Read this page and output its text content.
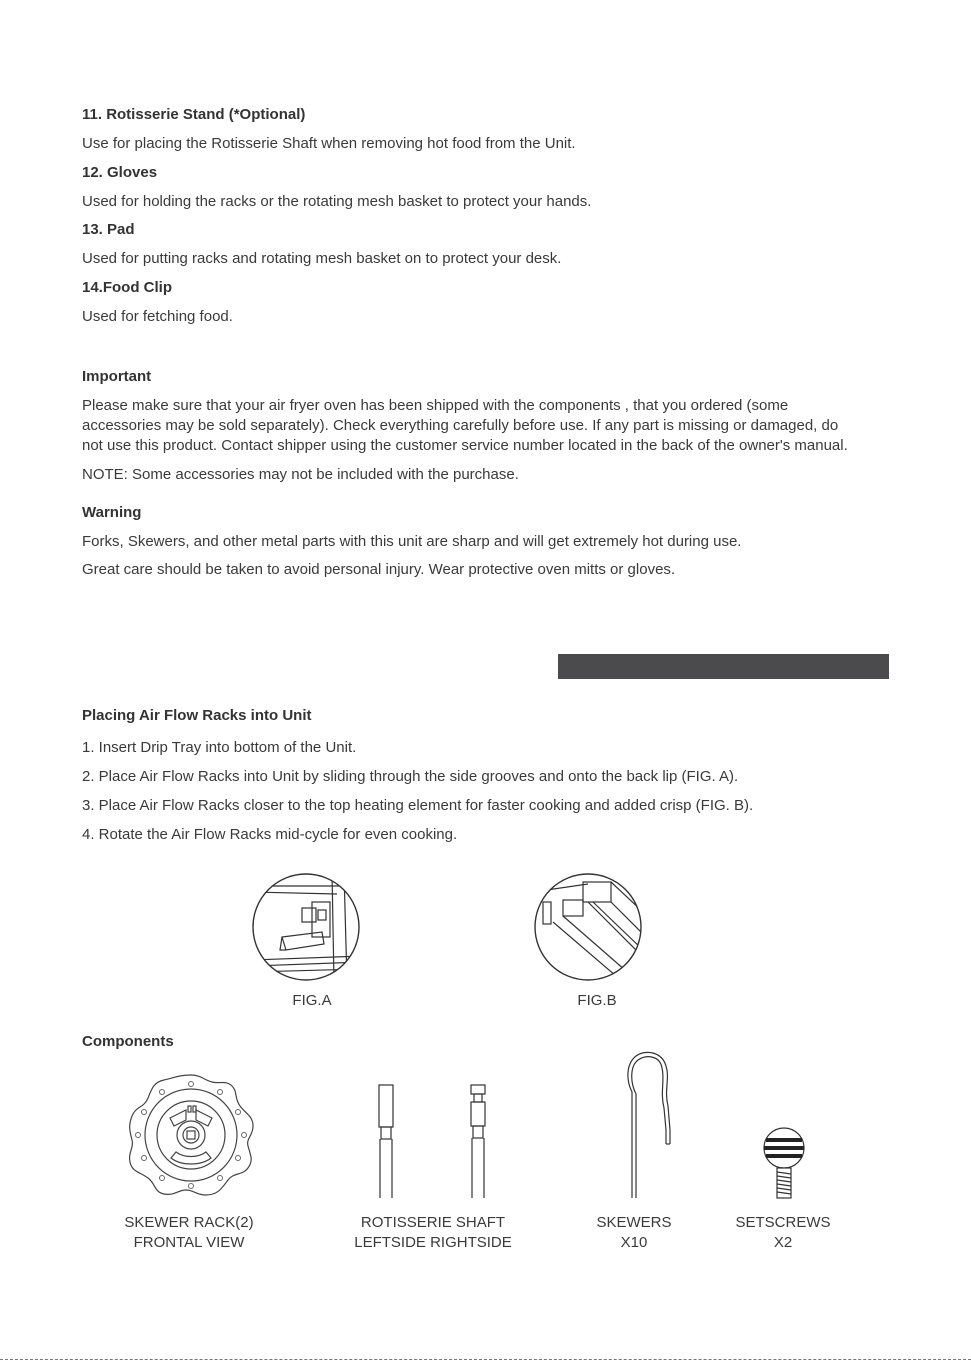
11. Rotisserie Stand (*Optional)
Use for placing the Rotisserie Shaft when removing hot food from the Unit.
12. Gloves
Used for holding the racks or the rotating mesh basket to protect your hands.
13. Pad
Used for putting racks and rotating mesh basket on to protect your desk.
14.Food Clip
Used for fetching food.
Important
Please make sure that your air fryer oven has been shipped with the components , that you ordered (some
accessories may be sold separately). Check everything carefully before use. If any part is missing or damaged, do
not use this product. Contact shipper using the customer service number located in the back of the owner's manual.
NOTE: Some accessories may not be included with the purchase.
Warning
Forks, Skewers, and other metal parts with this unit are sharp and will get extremely hot during use.
Great care should be taken to avoid personal injury. Wear protective oven mitts or gloves.
Placing Air Flow Racks into Unit
1. Insert Drip Tray into bottom of the Unit.
2. Place Air Flow Racks into Unit by sliding through the side grooves and onto the back lip (FIG. A).
3. Place Air Flow Racks closer to the top heating element for faster cooking and added crisp (FIG. B).
4. Rotate the Air Flow Racks mid-cycle for even cooking.
FIG.A	FIG.B
Components
SKEWER RACK(2)
FRONTAL VIEW
ROTISSERIE SHAFT
LEFTSIDE RIGHTSIDE
SKEWERS
X10
SETSCREWS
X2
